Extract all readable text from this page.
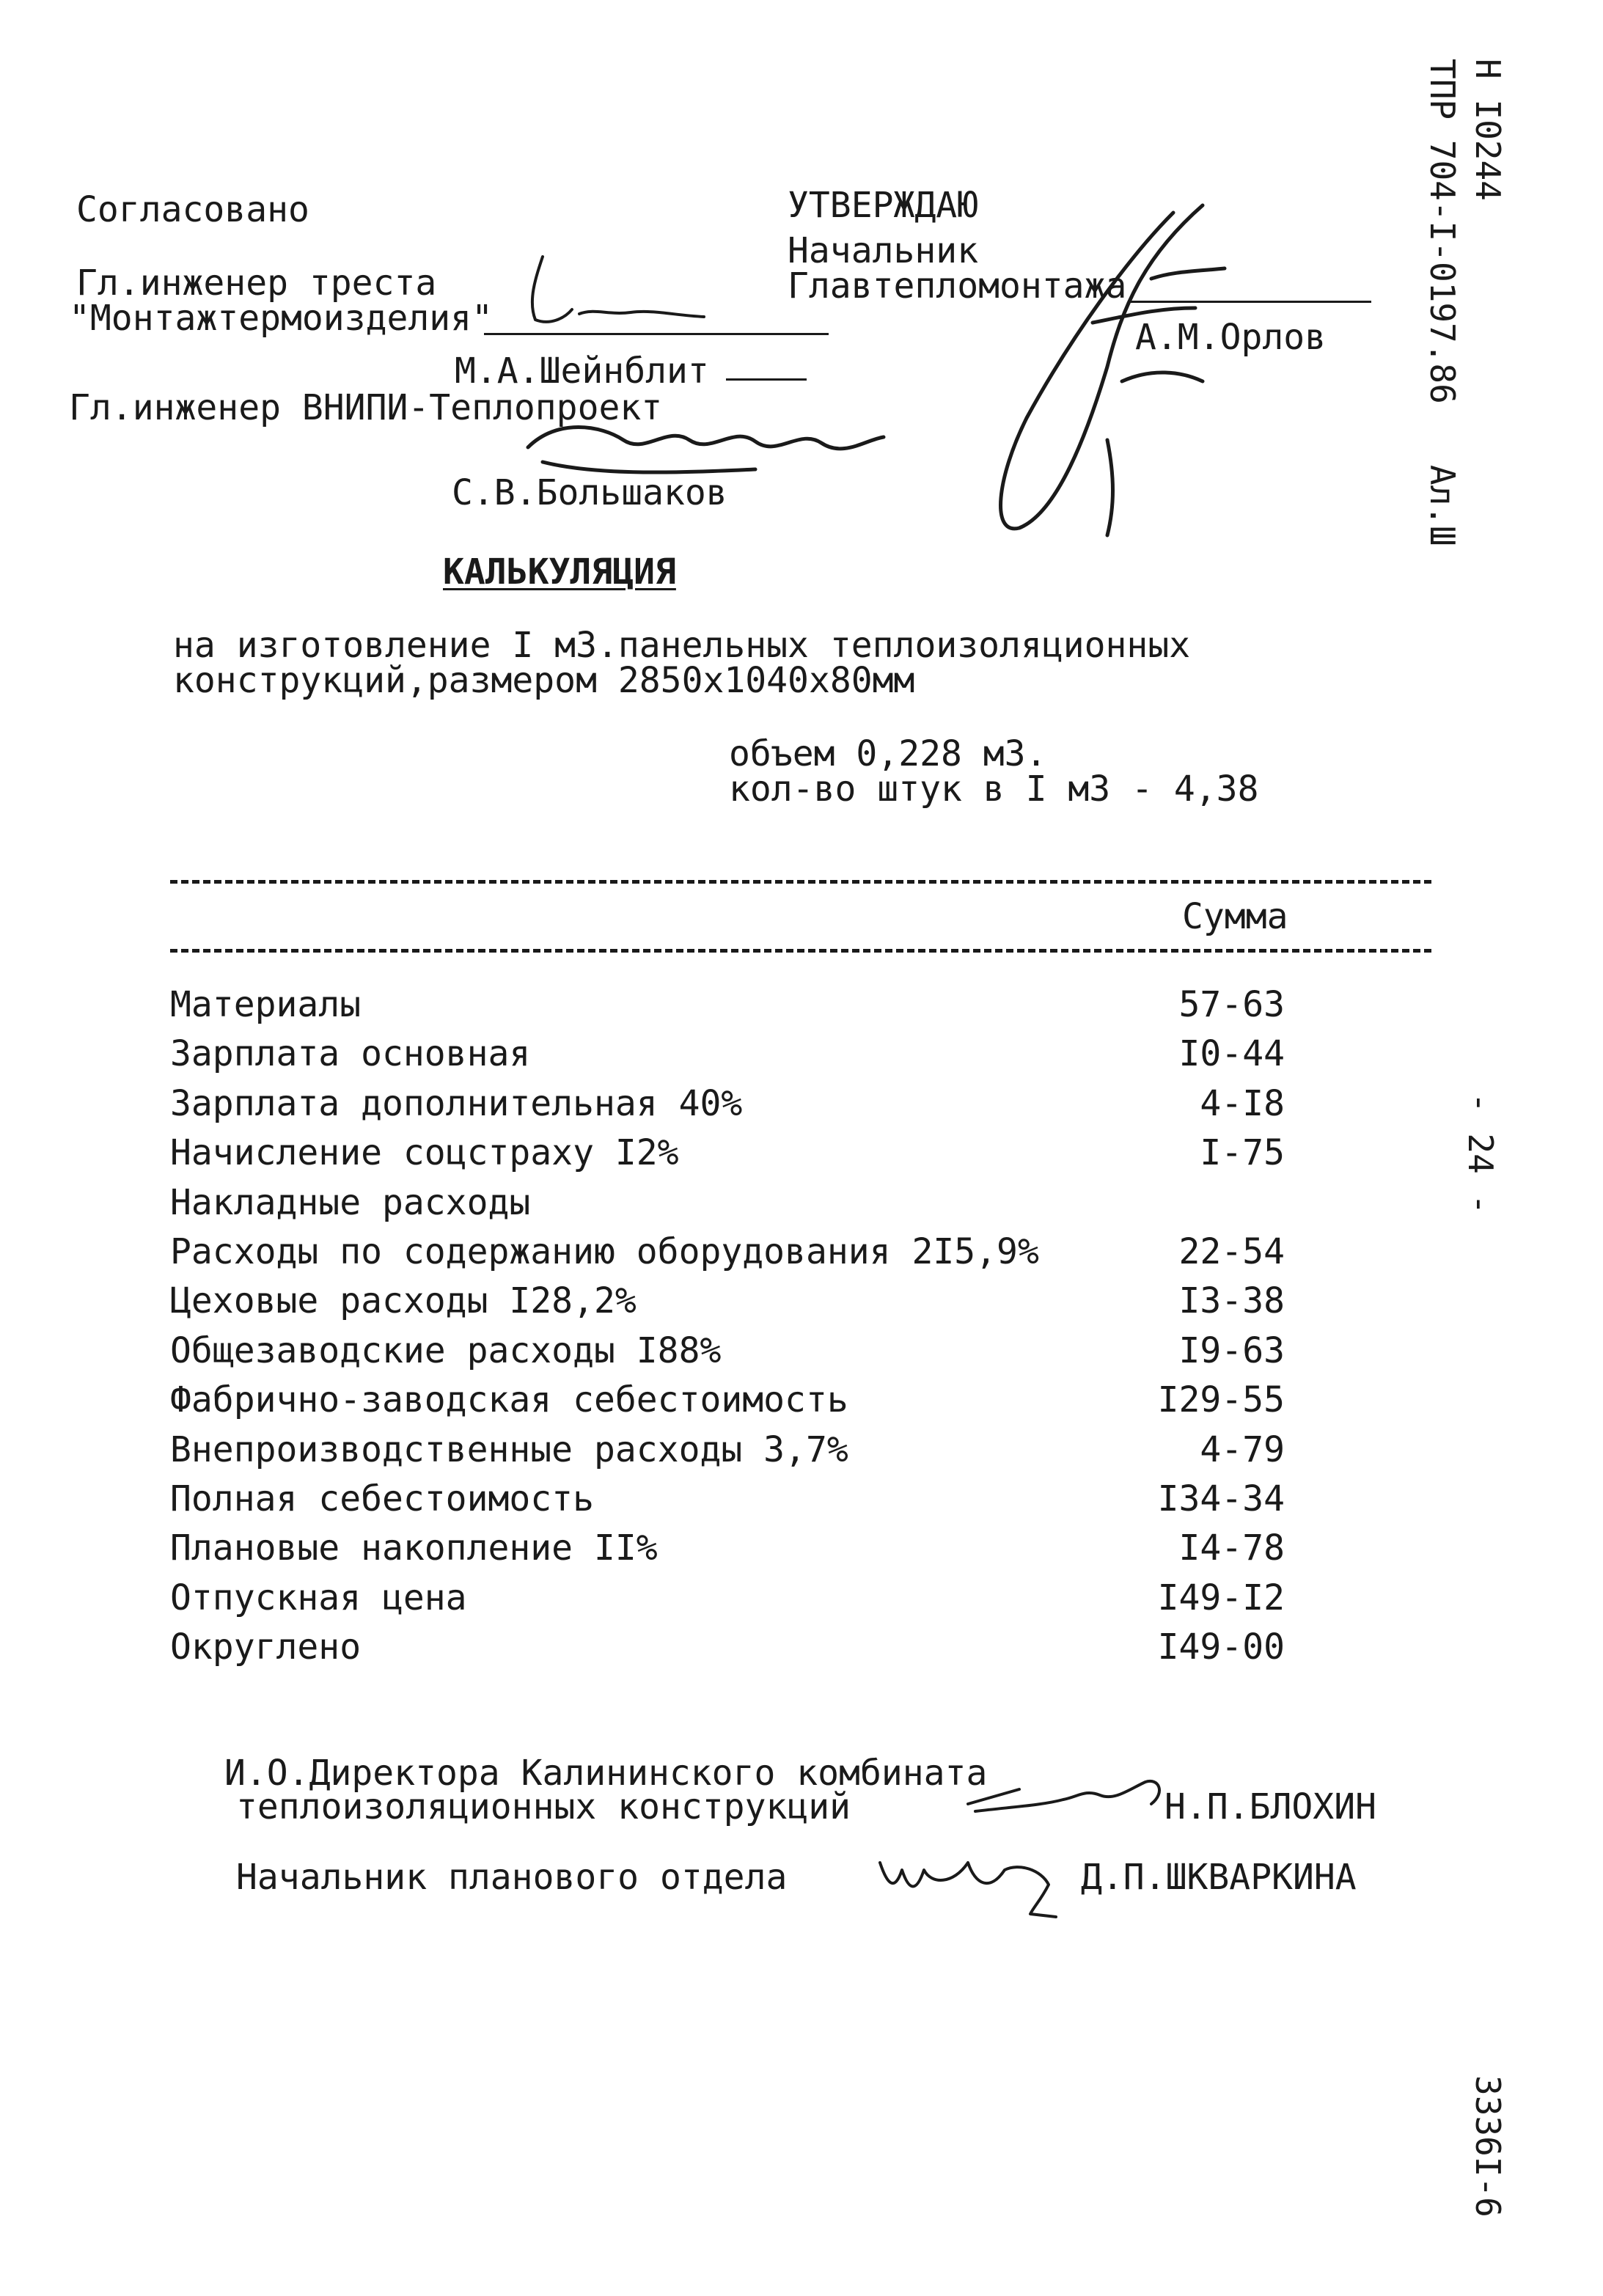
Н I0244
ТПР 704-I-0197.86   Ал.Ш
- 24 -
3336I-6
Согласовано
Гл.инженер треста
"Монтажтермоизделия"
М.А.Шейнблит
Гл.инженер ВНИПИ-Теплопроект
С.В.Большаков
УТВЕРЖДАЮ
Начальник
Главтепломонтажа
А.М.Орлов
КАЛЬКУЛЯЦИЯ
на изготовление I м3.панельных теплоизоляционных
конструкций,размером 2850х1040х80мм
объем 0,228 м3.
кол-во штук в I м3 - 4,38
Сумма
Материалы	57-63
Зарплата основная	I0-44
Зарплата дополнительная 40%	4-I8
Начисление соцстраху I2%	I-75
Накладные расходы
Расходы по содержанию оборудования 2I5,9%	22-54
Цеховые расходы I28,2%	I3-38
Общезаводские расходы I88%	I9-63
Фабрично-заводская себестоимость	I29-55
Внепроизводственные расходы 3,7%	4-79
Полная себестоимость	I34-34
Плановые накопление II%	I4-78
Отпускная цена	I49-I2
Округлено	I49-00
И.О.Директора Калининского комбината
теплоизоляционных конструкций	Н.П.БЛОХИН
Начальник планового отдела	Д.П.ШКВАРКИНА
